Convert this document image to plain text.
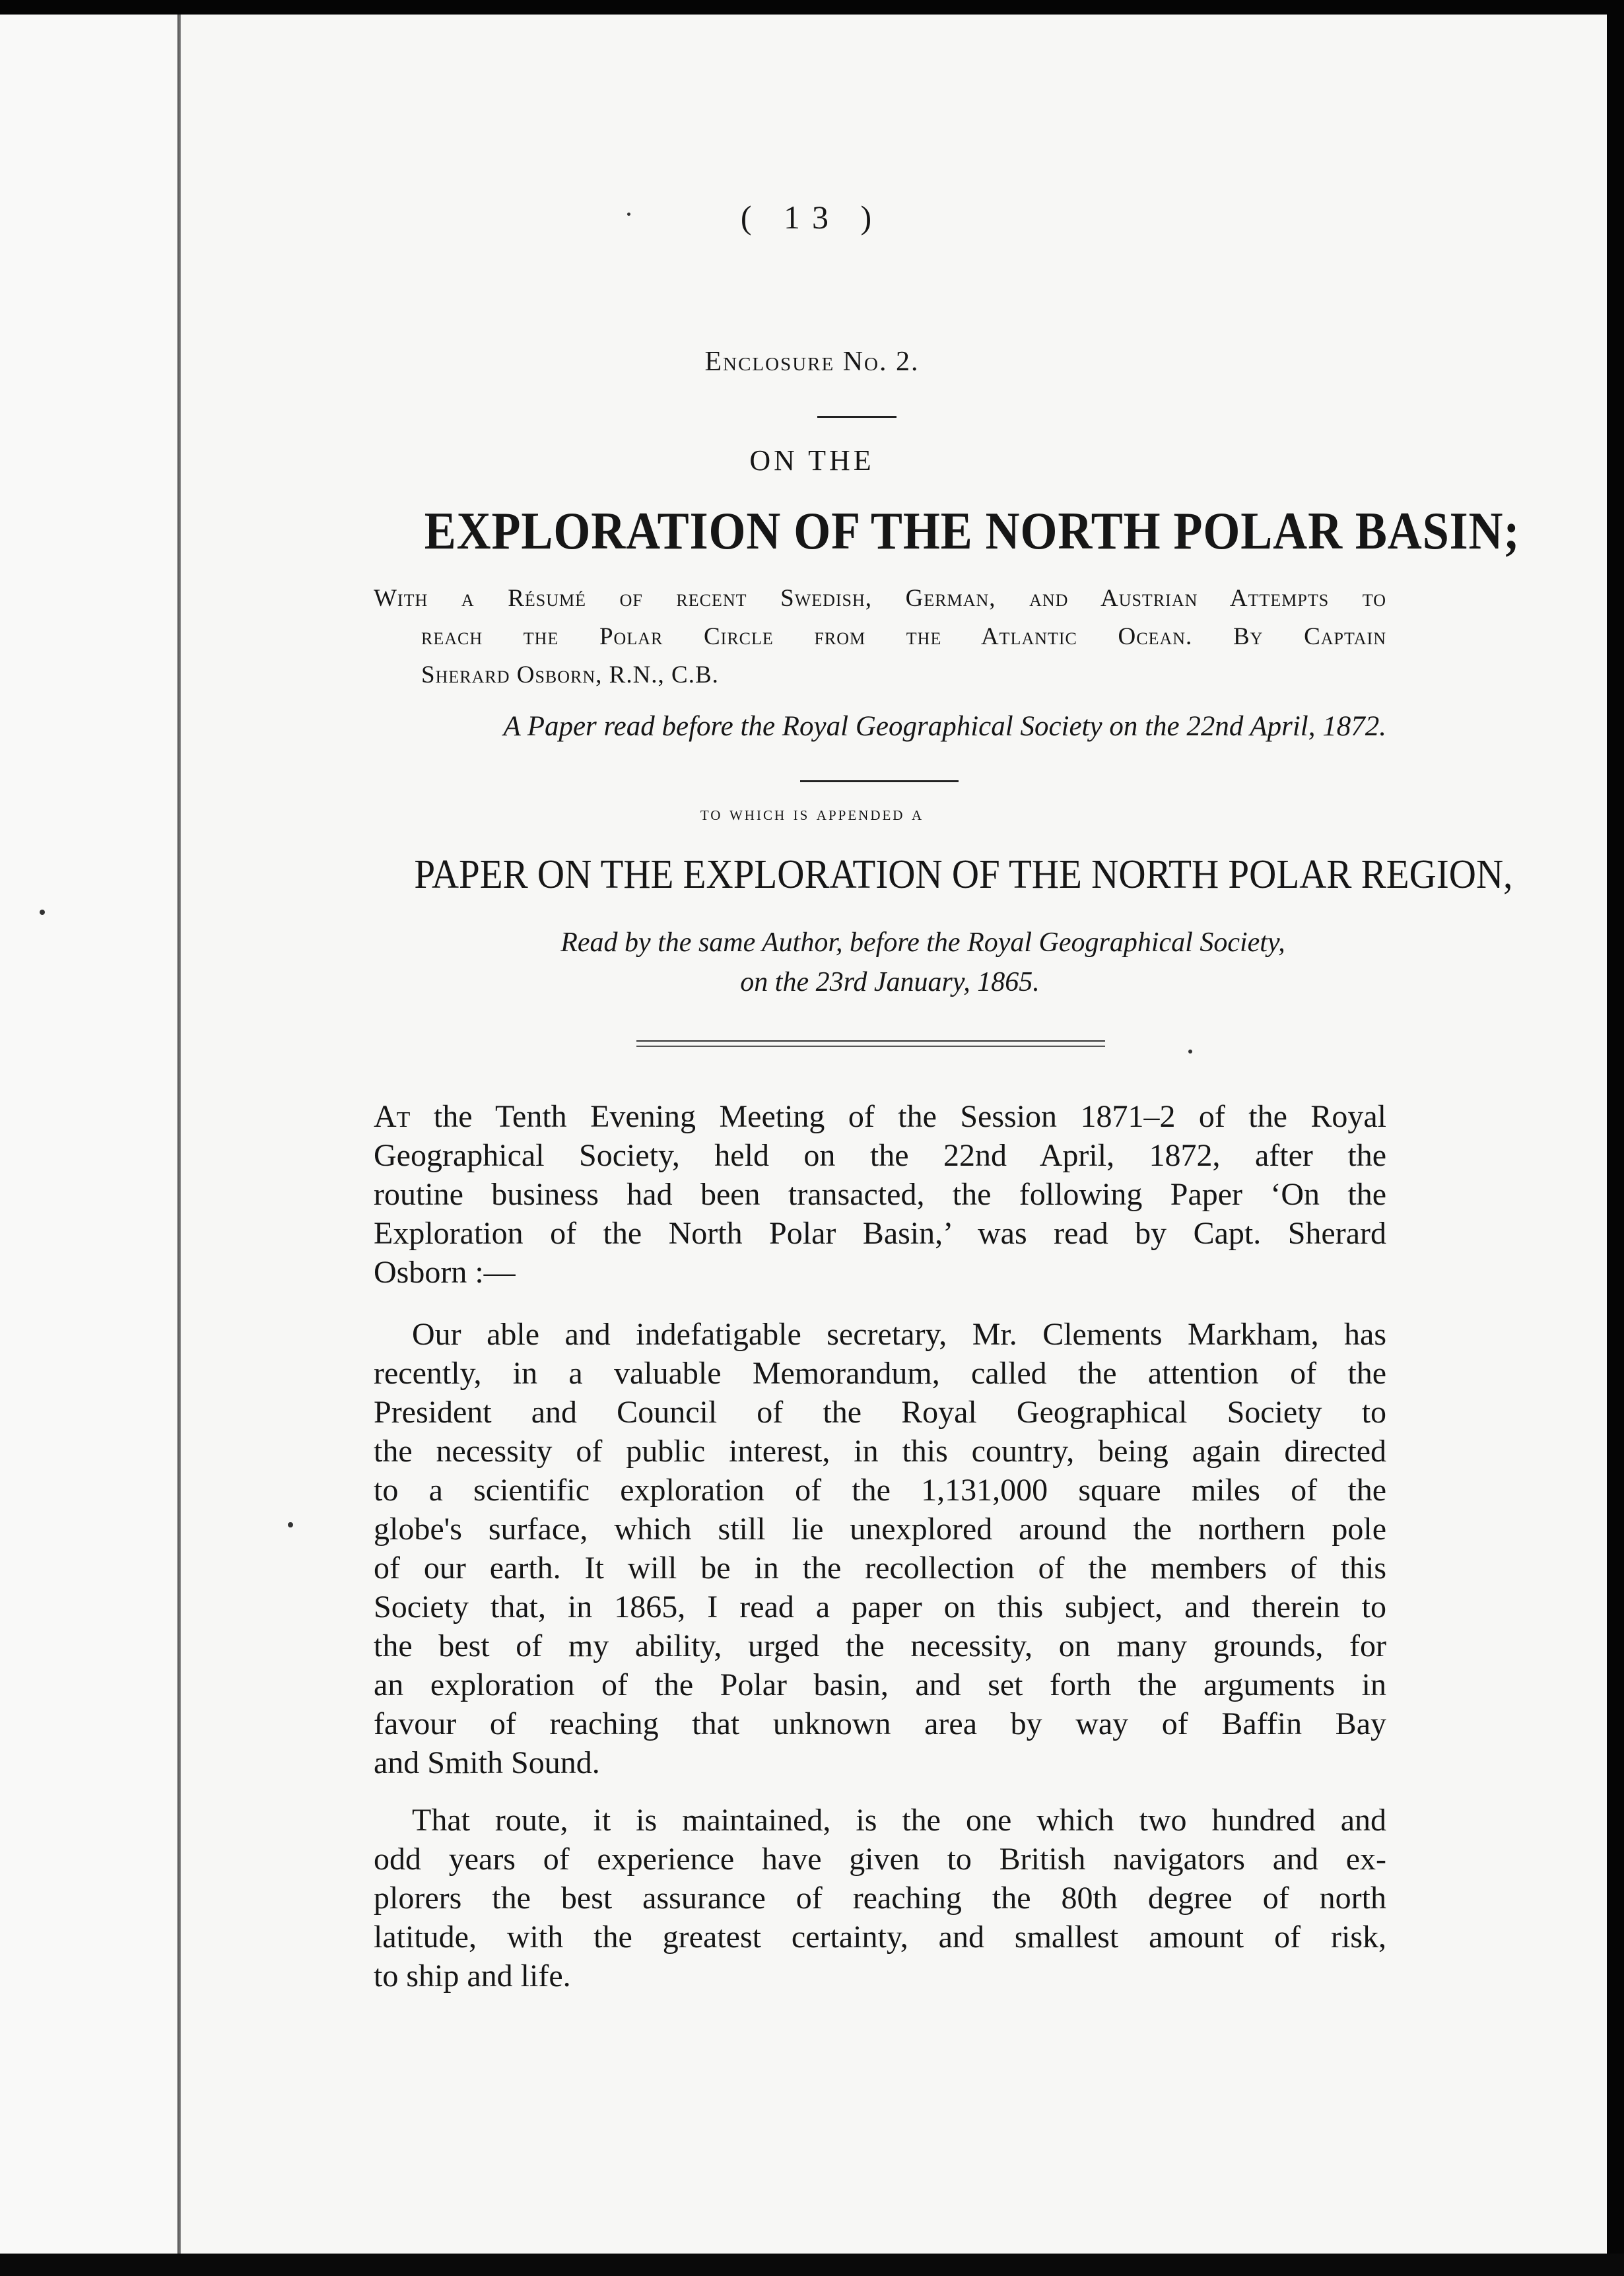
( 13 )
Enclosure No. 2.
ON THE
EXPLORATION OF THE NORTH POLAR BASIN;
With a Résumé of recent Swedish, German, and Austrian Attempts to
reach the Polar Circle from the Atlantic Ocean. By Captain
Sherard Osborn, R.N., C.B.
A Paper read before the Royal Geographical Society on the 22nd April, 1872.
to which is appended a
PAPER ON THE EXPLORATION OF THE NORTH POLAR REGION,
Read by the same Author, before the Royal Geographical Society,
on the 23rd January, 1865.
At the Tenth Evening Meeting of the Session 1871–2 of the Royal
Geographical Society, held on the 22nd April, 1872, after the
routine business had been transacted, the following Paper ‘On the
Exploration of the North Polar Basin,’ was read by Capt. Sherard
Osborn :—
Our able and indefatigable secretary, Mr. Clements Markham, has
recently, in a valuable Memorandum, called the attention of the
President and Council of the Royal Geographical Society to
the necessity of public interest, in this country, being again directed
to a scientific exploration of the 1,131,000 square miles of the
globe's surface, which still lie unexplored around the northern pole
of our earth. It will be in the recollection of the members of this
Society that, in 1865, I read a paper on this subject, and therein to
the best of my ability, urged the necessity, on many grounds, for
an exploration of the Polar basin, and set forth the arguments in
favour of reaching that unknown area by way of Baffin Bay
and Smith Sound.
That route, it is maintained, is the one which two hundred and
odd years of experience have given to British navigators and ex-
plorers the best assurance of reaching the 80th degree of north
latitude, with the greatest certainty, and smallest amount of risk,
to ship and life.
